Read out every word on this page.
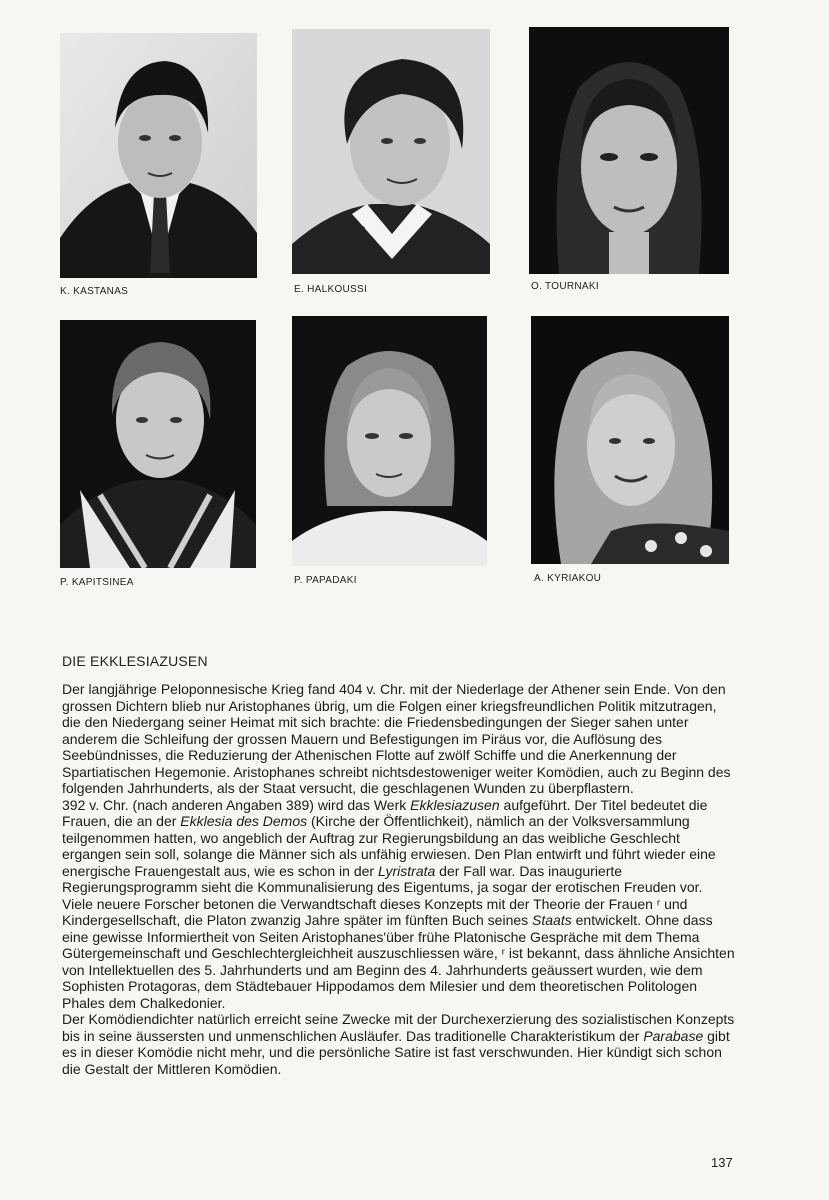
K. KASTANAS	E. HALKOUSSI	O. TOURNAKI
P. KAPITSINEA	P. PAPADAKI	A. KYRIAKOU
DIE EKKLESIAZUSEN

Der langjährige Peloponnesische Krieg fand 404 v. Chr. mit der Niederlage der Athener sein Ende. Von den grossen Dichtern blieb nur Aristophanes übrig, um die Folgen einer kriegsfreundlichen Politik mitzutragen, die den Niedergang seiner Heimat mit sich brachte: die Friedensbedingungen der Sieger sahen unter anderem die Schleifung der grossen Mauern und Befestigungen im Piräus vor, die Auflösung des Seebündnisses, die Reduzierung der Athenischen Flotte auf zwölf Schiffe und die Anerkennung der Spartiatischen Hegemonie. Aristophanes schreibt nichtsdestoweniger weiter Komödien, auch zu Beginn des folgenden Jahrhunderts, als der Staat versucht, die geschlagenen Wunden zu überpflastern.

392 v. Chr. (nach anderen Angaben 389) wird das Werk Ekklesiazusen aufgeführt. Der Titel bedeutet die Frauen, die an der Ekklesia des Demos (Kirche der Öffentlichkeit), nämlich an der Volksversammlung teilgenommen hatten, wo angeblich der Auftrag zur Regierungsbildung an das weibliche Geschlecht ergangen sein soll, solange die Männer sich als unfähig erwiesen. Den Plan entwirft und führt wieder eine energische Frauengestalt aus, wie es schon in der Lyristrata der Fall war. Das inaugurierte Regierungsprogramm sieht die Kommunalisierung des Eigentums, ja sogar der erotischen Freuden vor. Viele neuere Forscher betonen die Verwandtschaft dieses Konzepts mit der Theorie der Frauen ʳ und Kindergesellschaft, die Platon zwanzig Jahre später im fünften Buch seines Staats entwickelt. Ohne dass eine gewisse Informiertheit von Seiten Aristophanes'über frühe Platonische Gespräche mit dem Thema Gütergemeinschaft und Geschlechtergleichheit auszuschliessen wäre, ʳ ist bekannt, dass ähnliche Ansichten von Intellektuellen des 5. Jahrhunderts und am Beginn des 4. Jahrhunderts geäussert wurden, wie dem Sophisten Protagoras, dem Städtebauer Hippodamos dem Milesier und dem theoretischen Politologen Phales dem Chalkedonier.

Der Komödiendichter natürlich erreicht seine Zwecke mit der Durchexerzierung des sozialistischen Konzepts bis in seine äussersten und unmenschlichen Ausläufer. Das traditionelle Charakteristikum der Parabase gibt es in dieser Komödie nicht mehr, und die persönliche Satire ist fast verschwunden. Hier kündigt sich schon die Gestalt der Mittleren Komödien.

137
